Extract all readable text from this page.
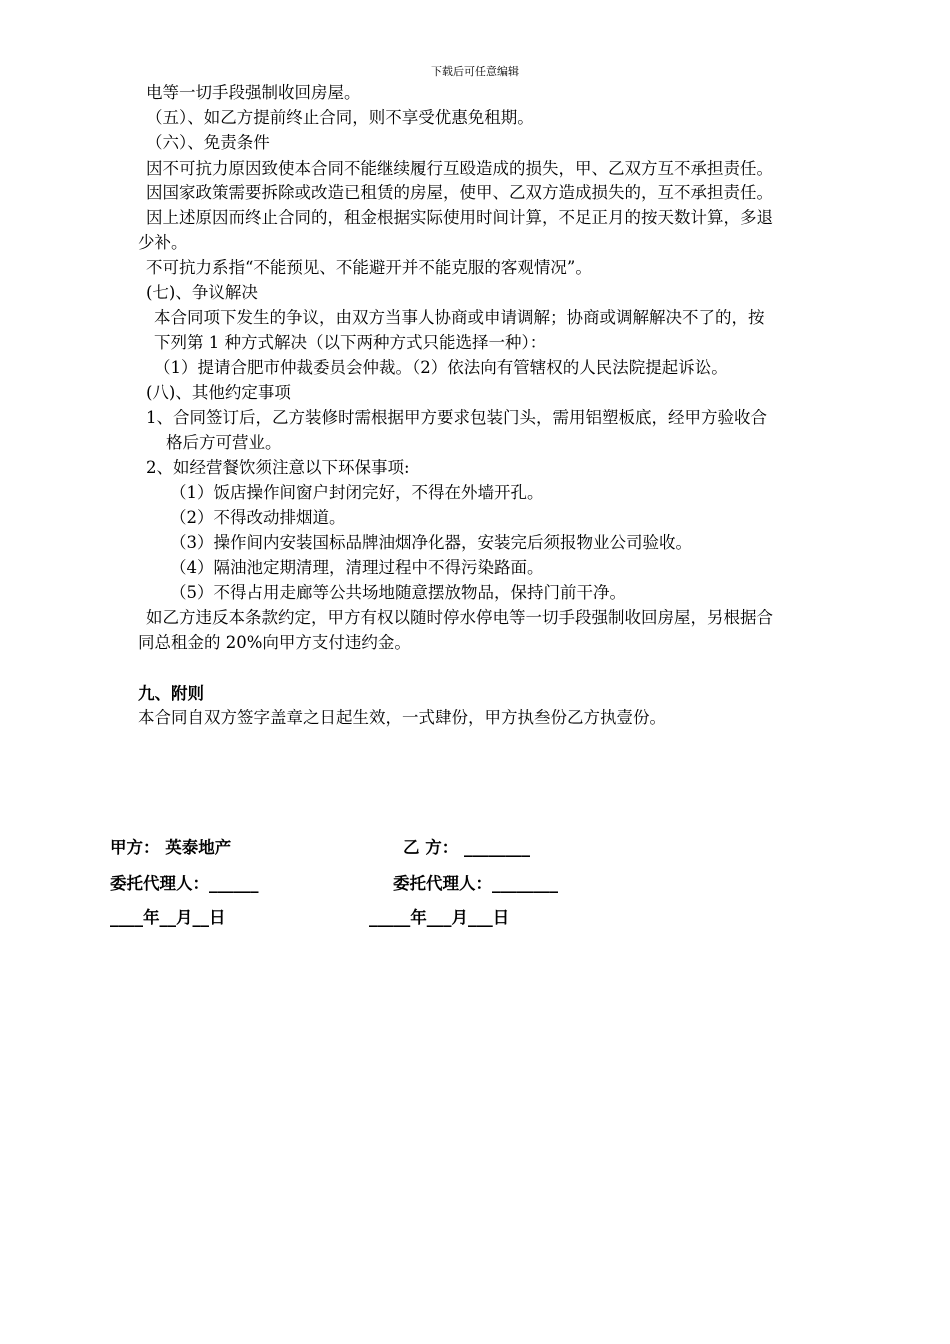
下载后可任意编辑
电等一切手段强制收回房屋。
（五）、如乙方提前终止合同，则不享受优惠免租期。
（六）、免责条件
因不可抗力原因致使本合同不能继续履行互殴造成的损失，甲、乙双方互不承担责任。
因国家政策需要拆除或改造已租赁的房屋，使甲、乙双方造成损失的，互不承担责任。
因上述原因而终止合同的，租金根据实际使用时间计算，不足正月的按天数计算，多退
少补。
不可抗力系指“不能预见、不能避开并不能克服的客观情况”。
(七)、争议解决
本合同项下发生的争议，由双方当事人协商或申请调解；协商或调解解决不了的，按
下列第 1 种方式解决（以下两种方式只能选择一种）：
（1）提请合肥市仲裁委员会仲裁。（2）依法向有管辖权的人民法院提起诉讼。
(八)、其他约定事项
1、合同签订后，乙方装修时需根据甲方要求包装门头，需用铝塑板底，经甲方验收合
格后方可营业。
2、如经营餐饮须注意以下环保事项:
（1）饭店操作间窗户封闭完好，不得在外墙开孔。
（2）不得改动排烟道。
（3）操作间内安装国标品牌油烟净化器，安装完后须报物业公司验收。
（4）隔油池定期清理，清理过程中不得污染路面。
（5）不得占用走廊等公共场地随意摆放物品，保持门前干净。
如乙方违反本条款约定，甲方有权以随时停水停电等一切手段强制收回房屋，另根据合
同总租金的 20%向甲方支付违约金。
九、附则
本合同自双方签字盖章之日起生效，一式肆份，甲方执叁份乙方执壹份。
甲方： 英泰地产	乙 方： ________
委托代理人：______	委托代理人：________
____年__月__日	_____年___月___日
